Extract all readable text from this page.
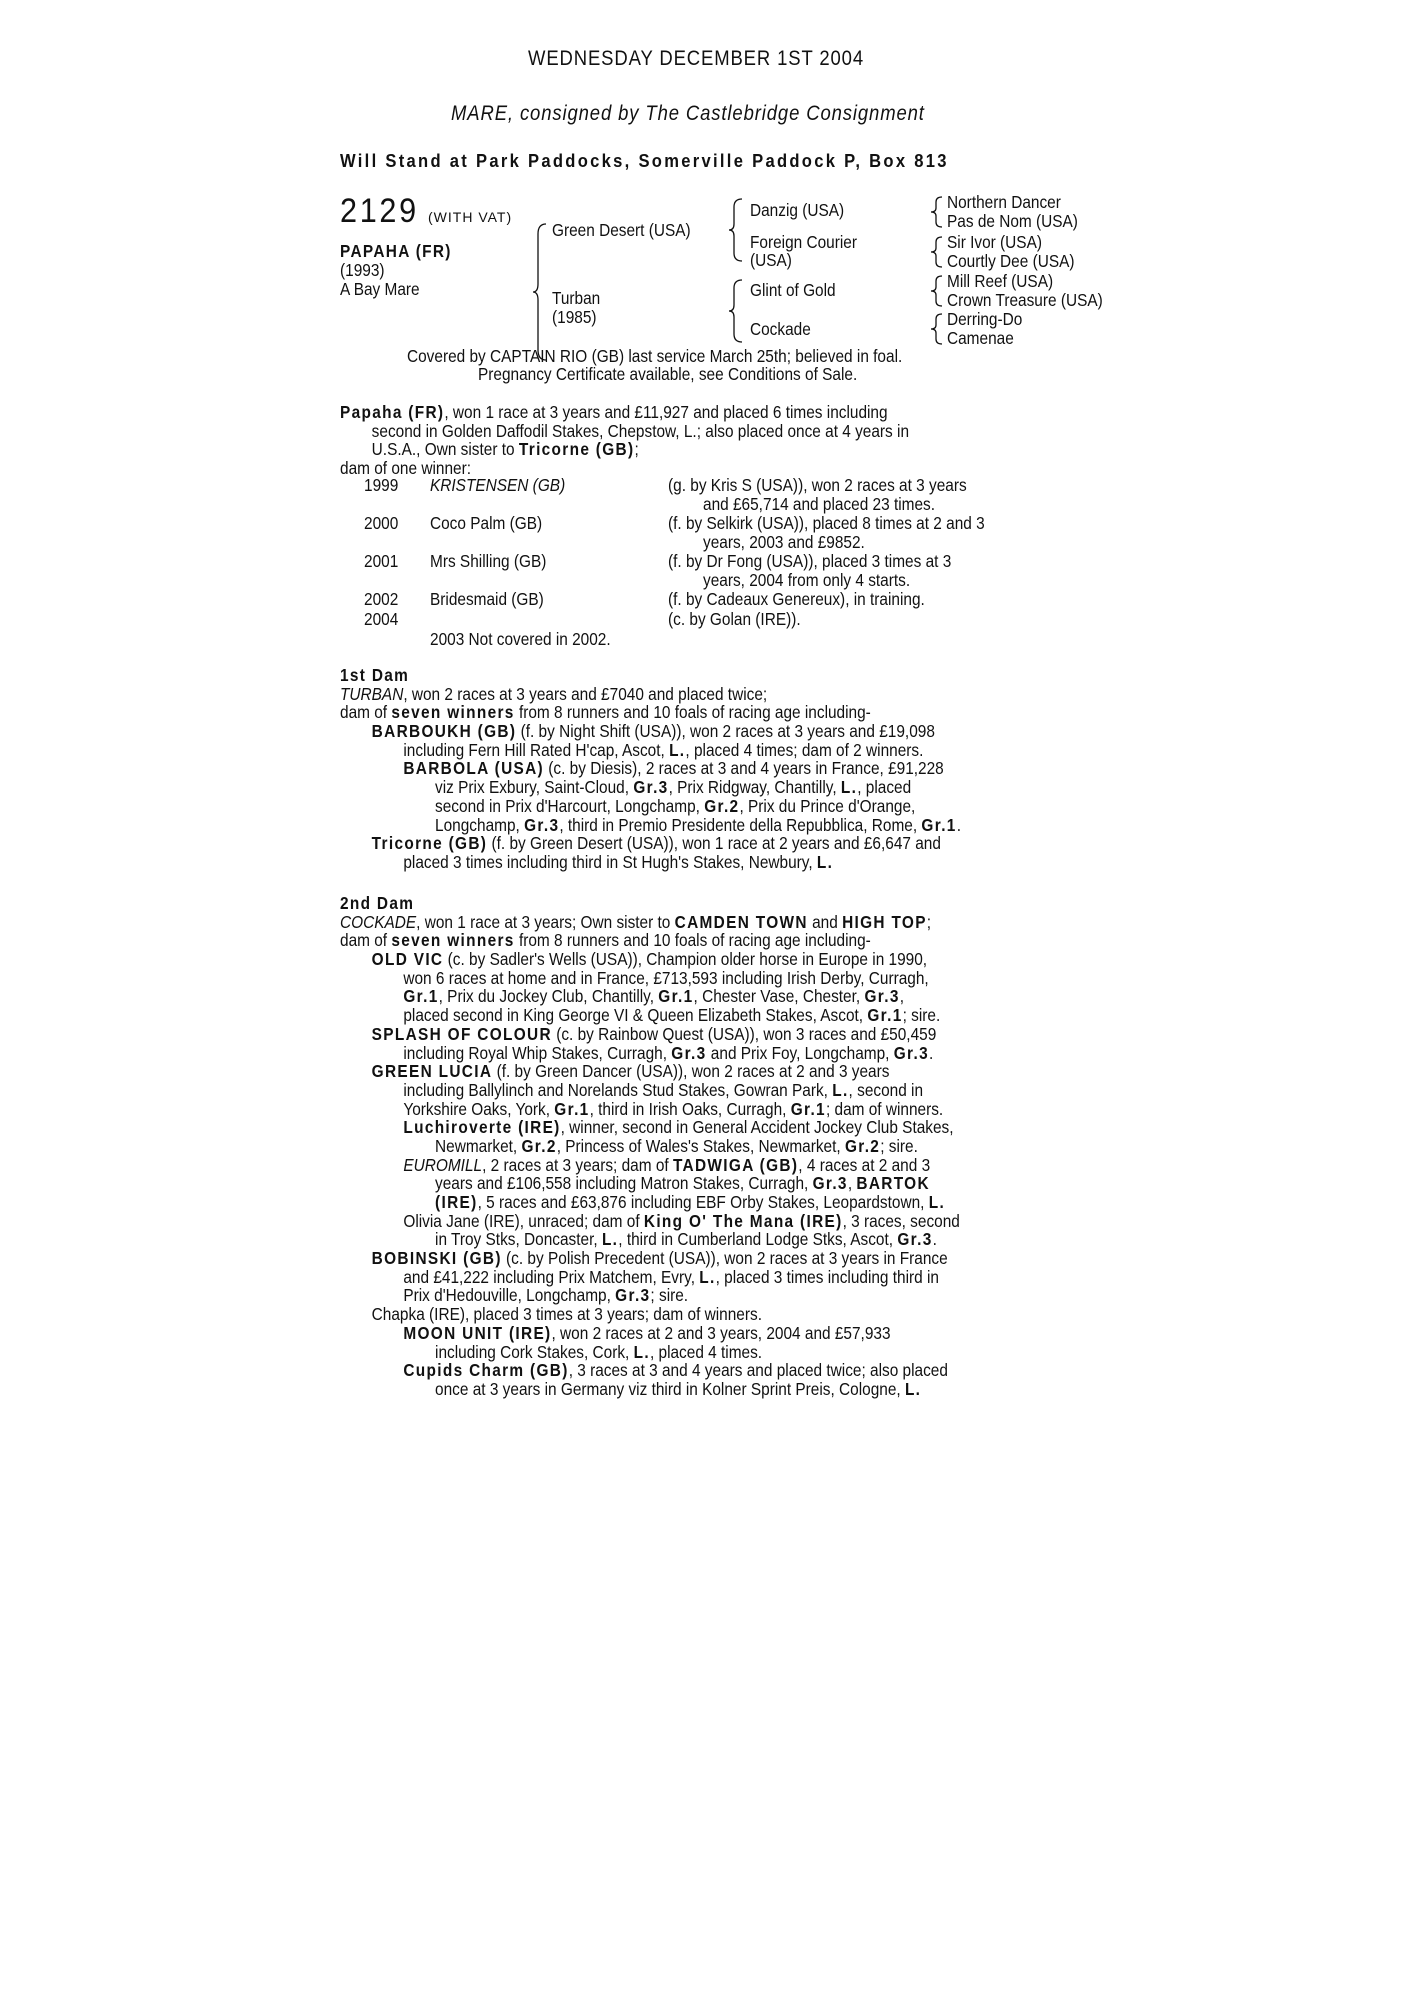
WEDNESDAY DECEMBER 1ST 2004
MARE, consigned by The Castlebridge Consignment
Will Stand at Park Paddocks, Somerville Paddock P, Box 813
2129 (WITH VAT)
PAPAHA (FR)
(1993)
A Bay Mare
Green Desert (USA)
Turban
(1985)
Danzig (USA)
Foreign Courier
(USA)
Glint of Gold
Cockade
Northern Dancer
Pas de Nom (USA)
Sir Ivor (USA)
Courtly Dee (USA)
Mill Reef (USA)
Crown Treasure (USA)
Derring-Do
Camenae
Covered by CAPTAIN RIO (GB) last service March 25th; believed in foal.
Pregnancy Certificate available, see Conditions of Sale.
Papaha (FR), won 1 race at 3 years and £11,927 and placed 6 times including
second in Golden Daffodil Stakes, Chepstow, L.; also placed once at 4 years in
U.S.A., Own sister to Tricorne (GB);
dam of one winner:
1999 KRISTENSEN (GB)	(g. by Kris S (USA)), won 2 races at 3 years
and £65,714 and placed 23 times.
2000 Coco Palm (GB)	(f. by Selkirk (USA)), placed 8 times at 2 and 3
years, 2003 and £9852.
2001 Mrs Shilling (GB)	(f. by Dr Fong (USA)), placed 3 times at 3
years, 2004 from only 4 starts.
2002 Bridesmaid (GB)	(f. by Cadeaux Genereux), in training.
2004	(c. by Golan (IRE)).
2003 Not covered in 2002.
1st Dam
TURBAN, won 2 races at 3 years and £7040 and placed twice;
dam of seven winners from 8 runners and 10 foals of racing age including-
BARBOUKH (GB) (f. by Night Shift (USA)), won 2 races at 3 years and £19,098
including Fern Hill Rated H'cap, Ascot, L., placed 4 times; dam of 2 winners.
BARBOLA (USA) (c. by Diesis), 2 races at 3 and 4 years in France, £91,228
viz Prix Exbury, Saint-Cloud, Gr.3, Prix Ridgway, Chantilly, L., placed
second in Prix d'Harcourt, Longchamp, Gr.2, Prix du Prince d'Orange,
Longchamp, Gr.3, third in Premio Presidente della Repubblica, Rome, Gr.1.
Tricorne (GB) (f. by Green Desert (USA)), won 1 race at 2 years and £6,647 and
placed 3 times including third in St Hugh's Stakes, Newbury, L.
2nd Dam
COCKADE, won 1 race at 3 years; Own sister to CAMDEN TOWN and HIGH TOP;
dam of seven winners from 8 runners and 10 foals of racing age including-
OLD VIC (c. by Sadler's Wells (USA)), Champion older horse in Europe in 1990,
won 6 races at home and in France, £713,593 including Irish Derby, Curragh,
Gr.1, Prix du Jockey Club, Chantilly, Gr.1, Chester Vase, Chester, Gr.3,
placed second in King George VI & Queen Elizabeth Stakes, Ascot, Gr.1; sire.
SPLASH OF COLOUR (c. by Rainbow Quest (USA)), won 3 races and £50,459
including Royal Whip Stakes, Curragh, Gr.3 and Prix Foy, Longchamp, Gr.3.
GREEN LUCIA (f. by Green Dancer (USA)), won 2 races at 2 and 3 years
including Ballylinch and Norelands Stud Stakes, Gowran Park, L., second in
Yorkshire Oaks, York, Gr.1, third in Irish Oaks, Curragh, Gr.1; dam of winners.
Luchiroverte (IRE), winner, second in General Accident Jockey Club Stakes,
Newmarket, Gr.2, Princess of Wales's Stakes, Newmarket, Gr.2; sire.
EUROMILL, 2 races at 3 years; dam of TADWIGA (GB), 4 races at 2 and 3
years and £106,558 including Matron Stakes, Curragh, Gr.3, BARTOK
(IRE), 5 races and £63,876 including EBF Orby Stakes, Leopardstown, L.
Olivia Jane (IRE), unraced; dam of King O' The Mana (IRE), 3 races, second
in Troy Stks, Doncaster, L., third in Cumberland Lodge Stks, Ascot, Gr.3.
BOBINSKI (GB) (c. by Polish Precedent (USA)), won 2 races at 3 years in France
and £41,222 including Prix Matchem, Evry, L., placed 3 times including third in
Prix d'Hedouville, Longchamp, Gr.3; sire.
Chapka (IRE), placed 3 times at 3 years; dam of winners.
MOON UNIT (IRE), won 2 races at 2 and 3 years, 2004 and £57,933
including Cork Stakes, Cork, L., placed 4 times.
Cupids Charm (GB), 3 races at 3 and 4 years and placed twice; also placed
once at 3 years in Germany viz third in Kolner Sprint Preis, Cologne, L.
